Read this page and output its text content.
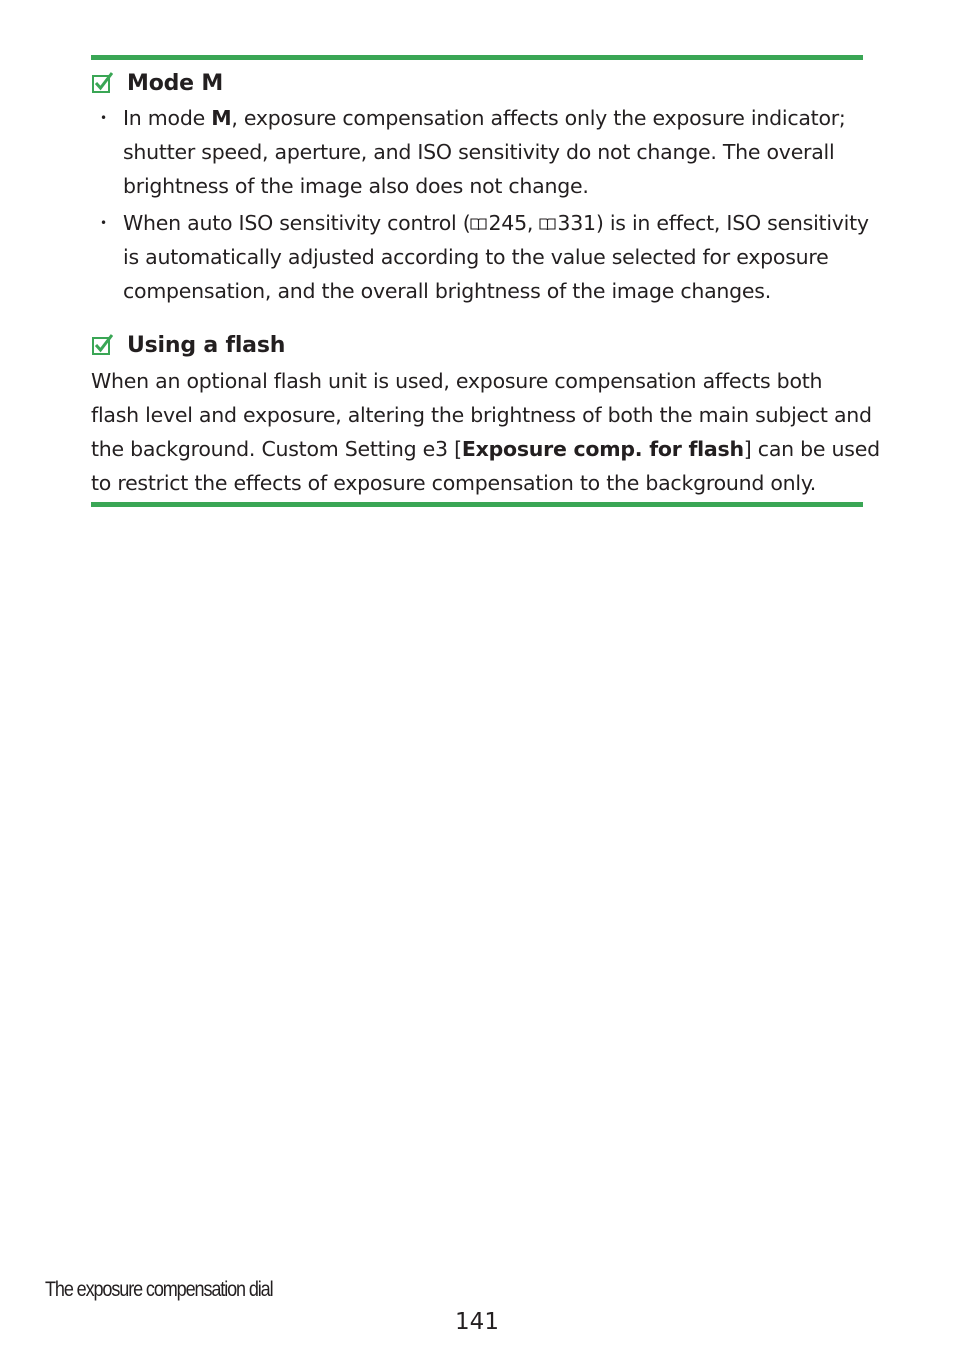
Mode M
• In mode M, exposure compensation affects only the exposure indicator;
shutter speed, aperture, and ISO sensitivity do not change. The overall
brightness of the image also does not change.
• When auto ISO sensitivity control ( 245, 331) is in effect, ISO sensitivity
is automatically adjusted according to the value selected for exposure
compensation, and the overall brightness of the image changes.
Using a flash
When an optional flash unit is used, exposure compensation affects both
flash level and exposure, altering the brightness of both the main subject and
the background. Custom Setting e3 [Exposure comp. for flash] can be used
to restrict the effects of exposure compensation to the background only.
The exposure compensation dial
141
